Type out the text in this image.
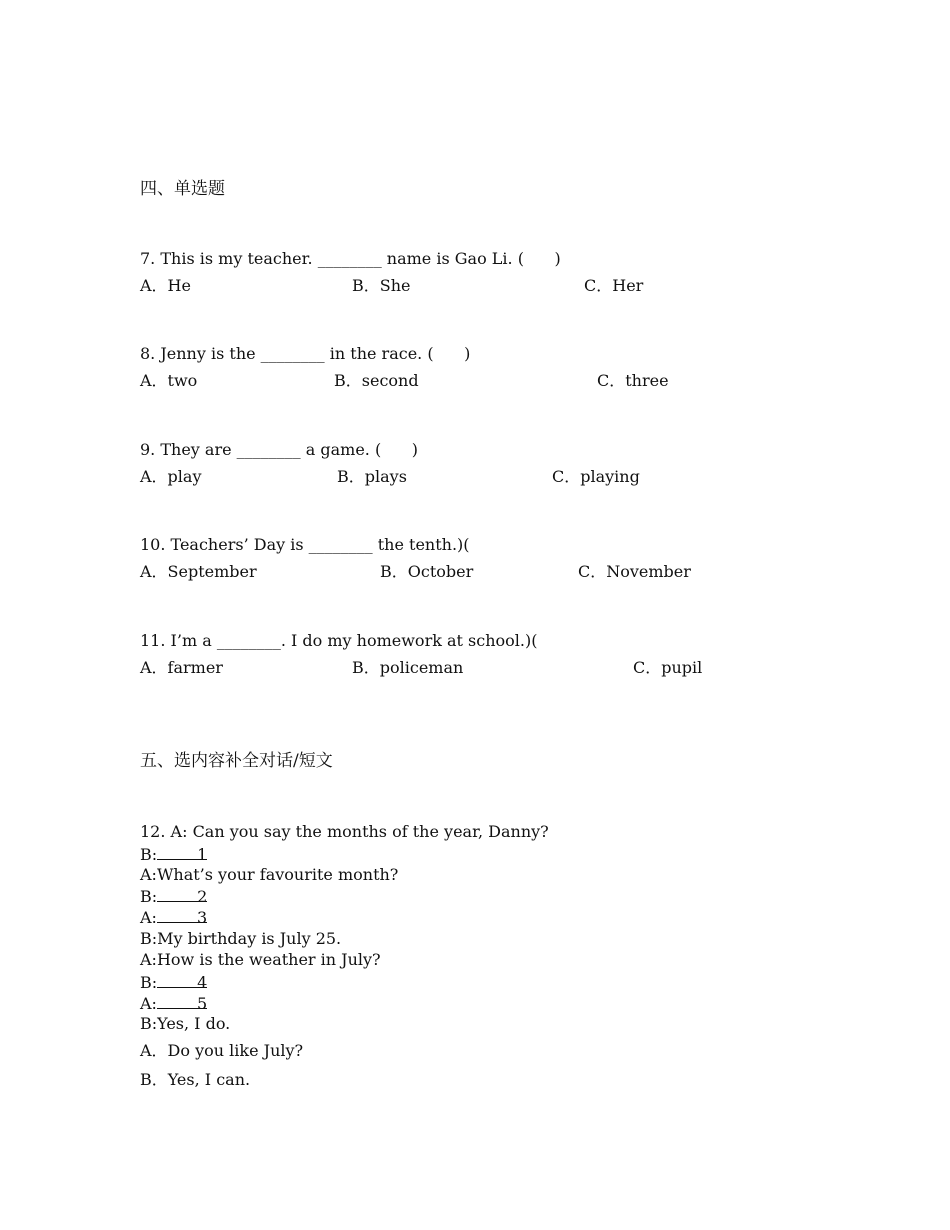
四、单选题
7. This is my teacher. ________ name is Gao Li. (      )
A．He	B．She	C．Her
8. Jenny is the ________ in the race. (      )
A．two	B．second	C．three
9. They are ________ a game. (      )
A．play	B．plays	C．playing
10. Teachers’ Day is ________ the tenth.)(
A．September	B．October	C．November
11. I’m a ________. I do my homework at school.)(
A．farmer	B．policeman	C．pupil
五、选内容补全对话/短文
12. A: Can you say the months of the year, Danny?
B:	1
A:What’s your favourite month?
B:	2
A:	3
B:My birthday is July 25.
A:How is the weather in July?
B:	4
A:	5
B:Yes, I do.
A．Do you like July?
B．Yes, I can.
